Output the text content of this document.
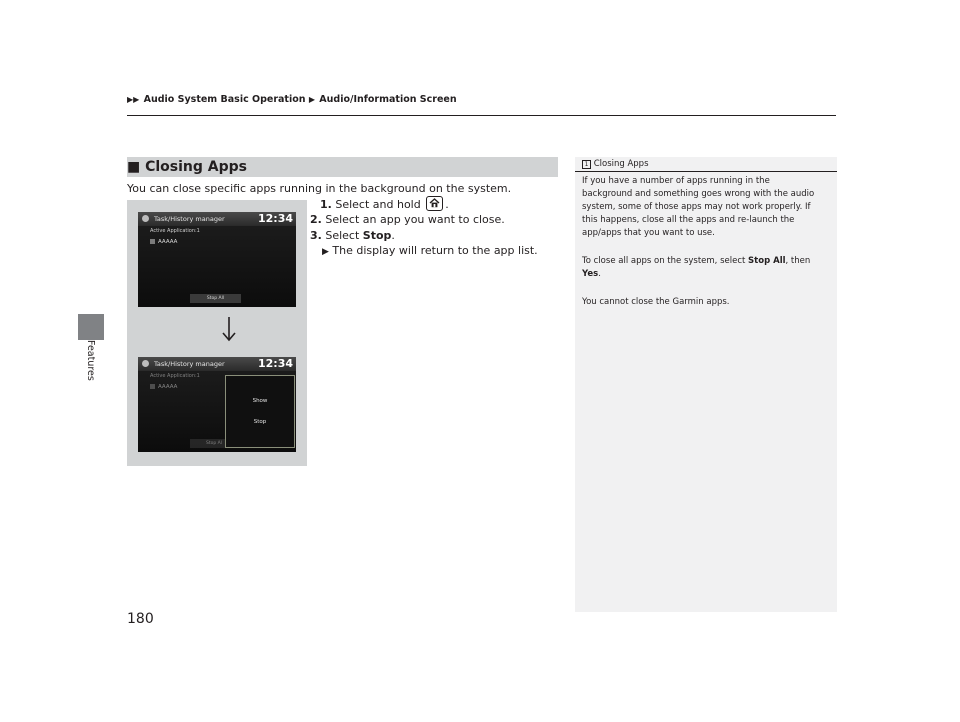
▶▶ Audio System Basic Operation ▶ Audio/Information Screen
Features
■ Closing Apps
You can close specific apps running in the background on the system.
1. Select and hold .
2. Select an app you want to close.
3. Select Stop.
▶ The display will return to the app list.
Task/History manager	12:34
Active Application:1
AAAAA
Stop All
Task/History manager	12:34
Active Application:1
AAAAA
Stop Al
Show
Stop
1 Closing Apps
If you have a number of apps running in the background and something goes wrong with the audio system, some of those apps may not work properly. If this happens, close all the apps and re-launch the app/apps that you want to use.
To close all apps on the system, select Stop All, then Yes.
You cannot close the Garmin apps.
180
